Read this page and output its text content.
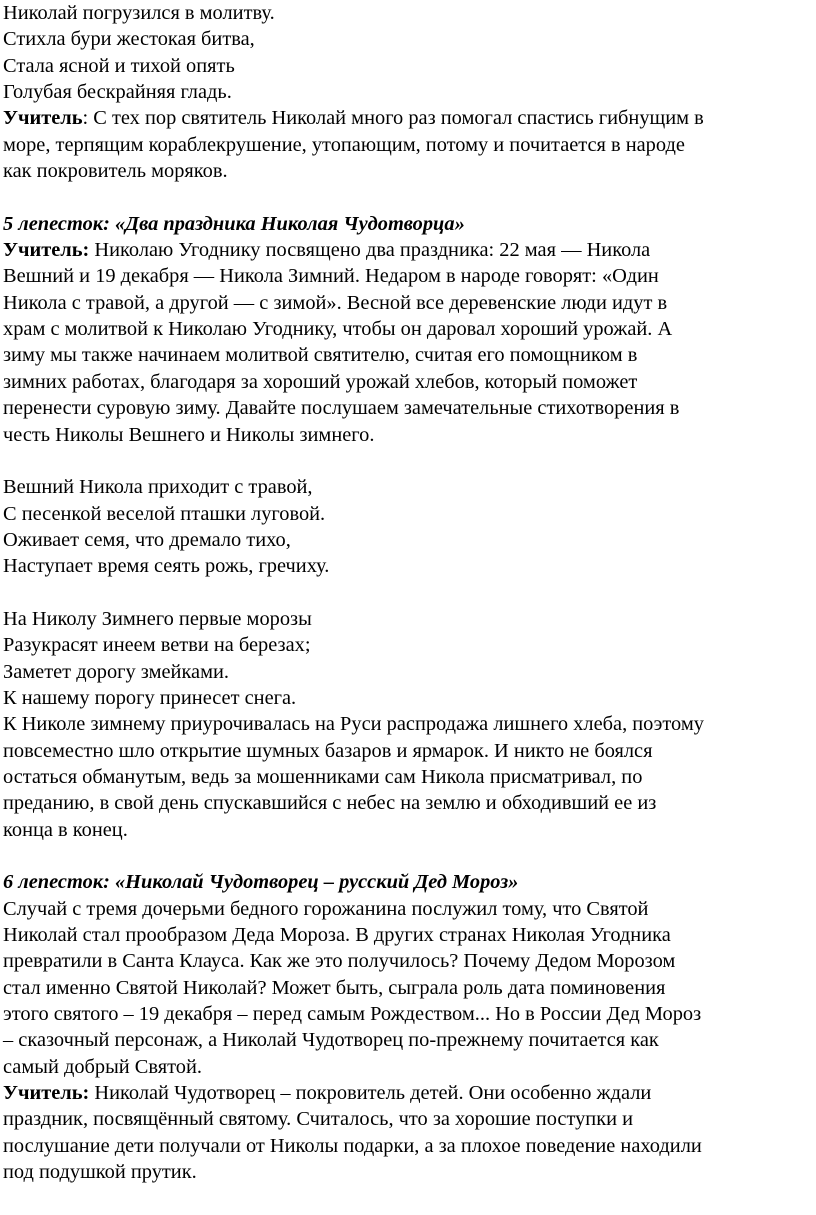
Николай погрузился в молитву.
Стихла бури жестокая битва,
Стала ясной и тихой опять
Голубая бескрайняя гладь.
Учитель: С тех пор святитель Николай много раз помогал спастись гибнущим в
море, терпящим кораблекрушение, утопающим, потому и почитается в народе
как покровитель моряков.
5 лепесток: «Два праздника Николая Чудотворца»
Учитель: Николаю Угоднику посвящено два праздника: 22 мая — Никола
Вешний и 19 декабря — Никола Зимний. Недаром в народе говорят: «Один
Никола с травой, а другой — с зимой». Весной все деревенские люди идут в
храм с молитвой к Николаю Угоднику, чтобы он даровал хороший урожай. А
зиму мы также начинаем молитвой святителю, считая его помощником в
зимних работах, благодаря за хороший урожай хлебов, который поможет
перенести суровую зиму. Давайте послушаем замечательные стихотворения в
честь Николы Вешнего и Николы зимнего.
Вешний Никола приходит с травой,
С песенкой веселой пташки луговой.
Оживает семя, что дремало тихо,
Наступает время сеять рожь, гречиху.
На Николу Зимнего первые морозы
Разукрасят инеем ветви на березах;
Заметет дорогу змейками.
К нашему порогу принесет снега.
К Николе зимнему приурочивалась на Руси распродажа лишнего хлеба, поэтому
повсеместно шло открытие шумных базаров и ярмарок. И никто не боялся
остаться обманутым, ведь за мошенниками сам Никола присматривал, по
преданию, в свой день спускавшийся с небес на землю и обходивший ее из
конца в конец.
6 лепесток: «Николай Чудотворец – русский Дед Мороз»
Случай с тремя дочерьми бедного горожанина послужил тому, что Святой
Николай стал прообразом Деда Мороза. В других странах Николая Угодника
превратили в Санта Клауса. Как же это получилось? Почему Дедом Морозом
стал именно Святой Николай? Может быть, сыграла роль дата поминовения
этого святого – 19 декабря – перед самым Рождеством... Но в России Дед Мороз
– сказочный персонаж, а Николай Чудотворец по-прежнему почитается как
самый добрый Святой.
Учитель: Николай Чудотворец – покровитель детей. Они особенно ждали
праздник, посвящённый святому. Считалось, что за хорошие поступки и
послушание дети получали от Николы подарки, а за плохое поведение находили
под подушкой прутик.
